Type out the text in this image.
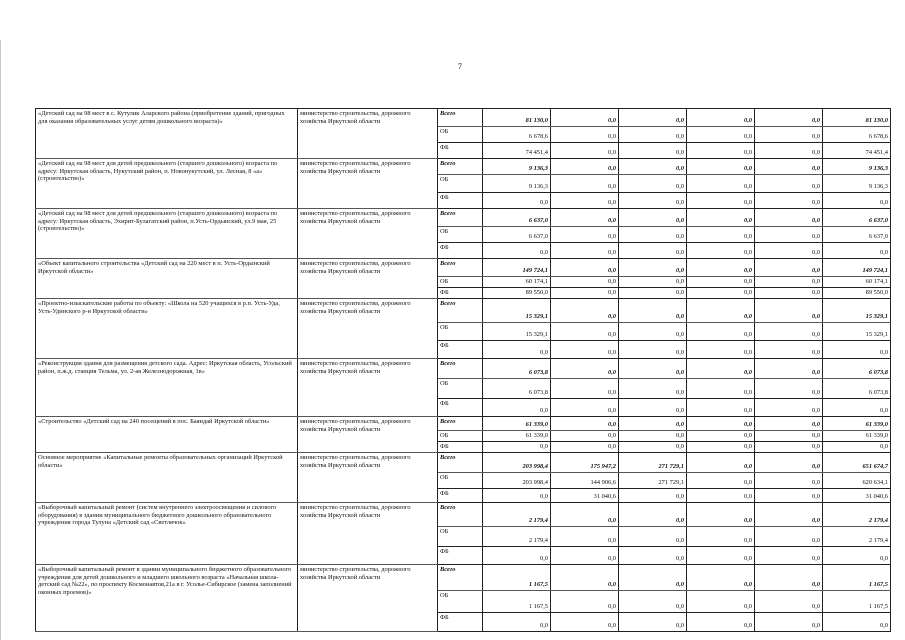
7
«Детский сад на 98 мест в с. Кутулик Аларского района (приобретение зданий, пригодных для оказания образовательных услуг детям дошкольного возраста)»	министерство строительства, дорожного хозяйства Иркутской области	Всего	81 130,0	0,0	0,0	0,0	0,0	81 130,0
		ОБ	6 678,6	0,0	0,0	0,0	0,0	6 678,6
		ФБ	74 451,4	0,0	0,0	0,0	0,0	74 451,4
«Детский сад на 98 мест для детей предшкольного (старшего дошкольного) возраста по адресу: Иркутская область, Нукутский район, п. Новонукутский, ул. Лесная, 8 «а» (строительство)»	министерство строительства, дорожного хозяйства Иркутской области	Всего	9 136,3	0,0	0,0	0,0	0,0	9 136,3
		ОБ	9 136,3	0,0	0,0	0,0	0,0	9 136,3
		ФБ	0,0	0,0	0,0	0,0	0,0	0,0
«Детский сад на 98 мест для детей предшкольного (старшего дошкольного) возраста по адресу: Иркутская область, Эхирит-Булагатский район, п.Усть-Ордынский, ул.9 мая, 25 (строительство)»	министерство строительства, дорожного хозяйства Иркутской области	Всего	6 637,0	0,0	0,0	0,0	0,0	6 637,0
		ОБ	6 637,0	0,0	0,0	0,0	0,0	6 637,0
		ФБ	0,0	0,0	0,0	0,0	0,0	0,0
«Объект капитального строительства «Детский сад на 220 мест в п. Усть-Ордынский Иркутской области»	министерство строительства, дорожного хозяйства Иркутской области	Всего	149 724,1	0,0	0,0	0,0	0,0	149 724,1
		ОБ	60 174,1	0,0	0,0	0,0	0,0	60 174,1
		ФБ	89 550,0	0,0	0,0	0,0	0,0	89 550,0
«Проектно-изыскательские работы по объекту: «Школа на 520 учащихся в р.п. Усть-Уда, Усть-Удинского р-н Иркутской области»	министерство строительства, дорожного хозяйства Иркутской области	Всего	15 329,1	0,0	0,0	0,0	0,0	15 329,1
		ОБ	15 329,1	0,0	0,0	0,0	0,0	15 329,1
		ФБ	0,0	0,0	0,0	0,0	0,0	0,0
«Реконструкция здания для размещения детского сада. Адрес: Иркутская область, Усольский район, п.ж.д. станция Тельма, ул. 2-ая Железнодорожная, 1в»	министерство строительства, дорожного хозяйства Иркутской области	Всего	6 073,8	0,0	0,0	0,0	0,0	6 073,8
		ОБ	6 073,8	0,0	0,0	0,0	0,0	6 073,8
		ФБ	0,0	0,0	0,0	0,0	0,0	0,0
«Строительство «Детский сад на 240 посещений в пос. Баяндай Иркутской области»	министерство строительства, дорожного хозяйства Иркутской области	Всего	61 339,0	0,0	0,0	0,0	0,0	61 339,0
		ОБ	61 339,0	0,0	0,0	0,0	0,0	61 339,0
		ФБ	0,0	0,0	0,0	0,0	0,0	0,0
Основное мероприятие «Капитальные ремонты образовательных организаций Иркутской области»	министерство строительства, дорожного хозяйства Иркутской области	Всего	203 998,4	175 947,2	271 729,1	0,0	0,0	651 674,7
		ОБ	203 998,4	144 906,6	271 729,1	0,0	0,0	620 634,1
		ФБ	0,0	31 040,6	0,0	0,0	0,0	31 040,6
«Выборочный капитальный ремонт (систем внутреннего электроосвещения и силового оборудования) в здании муниципального бюджетного дошкольного образовательного учреждения города Тулуна «Детский сад «Светлячок»	министерство строительства, дорожного хозяйства Иркутской области	Всего	2 179,4	0,0	0,0	0,0	0,0	2 179,4
		ОБ	2 179,4	0,0	0,0	0,0	0,0	2 179,4
		ФБ	0,0	0,0	0,0	0,0	0,0	0,0
«Выборочный капитальный ремонт в здании муниципального бюджетного образовательного учреждения для детей дошкольного и младшего школьного возраста «Начальная школа-детский сад №22», по проспекту Космонавтов,21а в г. Усолье-Сибирское (замена заполнений оконных проемов)»	министерство строительства, дорожного хозяйства Иркутской области	Всего	1 167,5	0,0	0,0	0,0	0,0	1 167,5
		ОБ	1 167,5	0,0	0,0	0,0	0,0	1 167,5
		ФБ	0,0	0,0	0,0	0,0	0,0	0,0
